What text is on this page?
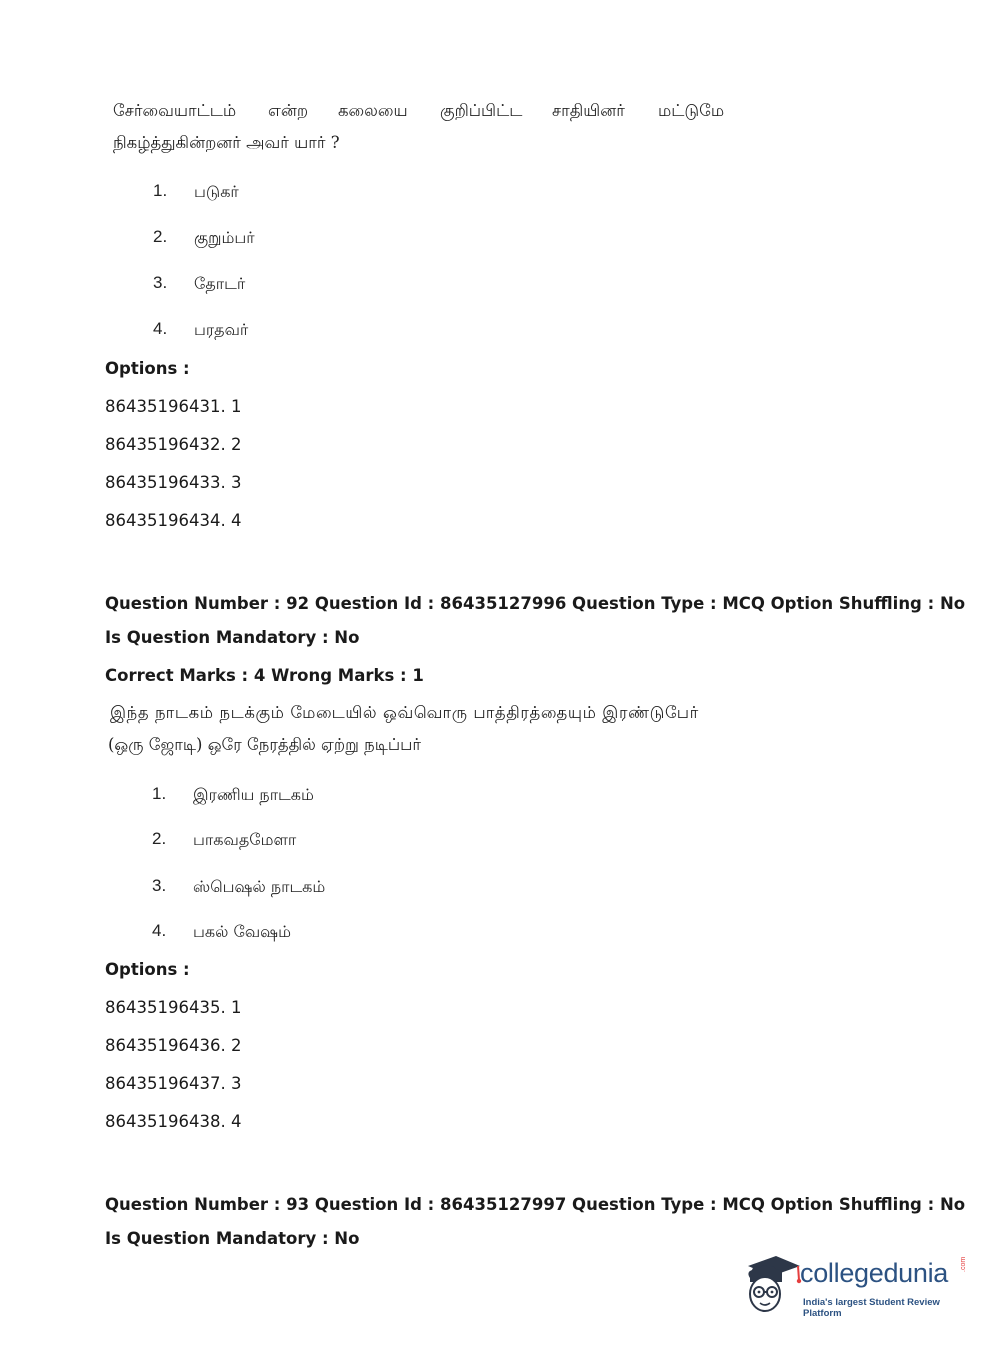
சேர்வையாட்டம் என்ற கலையை குறிப்பிட்ட சாதியினர் மட்டுமே
நிகழ்த்துகின்றனர் அவர் யார் ?
1. படுகர்
2. குறும்பர்
3. தோடர்
4. பரதவர்
Options :
86435196431. 1
86435196432. 2
86435196433. 3
86435196434. 4
Question Number : 92 Question Id : 86435127996 Question Type : MCQ Option Shuffling : No
Is Question Mandatory : No
Correct Marks : 4 Wrong Marks : 1
இந்த நாடகம் நடக்கும் மேடையில் ஒவ்வொரு பாத்திரத்தையும் இரண்டுபேர்
(ஒரு ஜோடி) ஒரே நேரத்தில் ஏற்று நடிப்பர்
1. இரணிய நாடகம்
2. பாகவதமேளா
3. ஸ்பெஷல் நாடகம்
4. பகல் வேஷம்
Options :
86435196435. 1
86435196436. 2
86435196437. 3
86435196438. 4
Question Number : 93 Question Id : 86435127997 Question Type : MCQ Option Shuffling : No
Is Question Mandatory : No
collegedunia .com
India's largest Student Review Platform
